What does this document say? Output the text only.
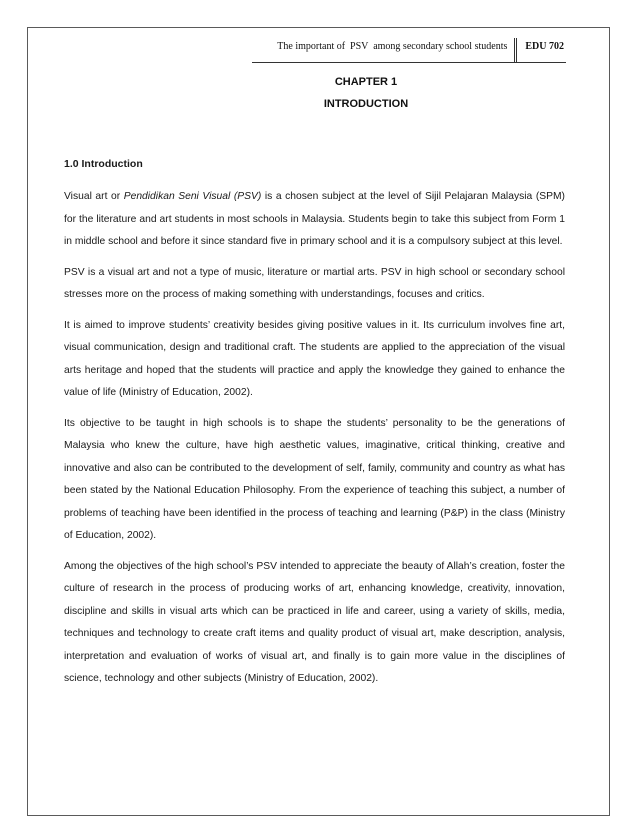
The important of  PSV  among secondary school students	EDU 702
CHAPTER 1
INTRODUCTION

1.0 Introduction

Visual art or Pendidikan Seni Visual (PSV) is a chosen subject at the level of Sijil Pelajaran Malaysia (SPM) for the literature and art students in most schools in Malaysia. Students begin to take this subject from Form 1 in middle school and before it since standard five in primary school and it is a compulsory subject at this level.

PSV is a visual art and not a type of music, literature or martial arts. PSV in high school or secondary school stresses more on the process of making something with understandings, focuses and critics.

It is aimed to improve students’ creativity besides giving positive values in it. Its curriculum involves fine art, visual communication, design and traditional craft. The students are applied to the appreciation of the visual arts heritage and hoped that the students will practice and apply the knowledge they gained to enhance the value of life (Ministry of Education, 2002).

Its objective to be taught in high schools is to shape the students’ personality to be the generations of Malaysia who knew the culture, have high aesthetic values, imaginative, critical thinking, creative and innovative and also can be contributed to the development of self, family, community and country as what has been stated by the National Education Philosophy. From the experience of teaching this subject, a number of problems of teaching have been identified in the process of teaching and learning (P&P) in the class (Ministry of Education, 2002).

Among the objectives of the high school’s PSV intended to appreciate the beauty of Allah’s creation, foster the culture of research in the process of producing works of art, enhancing knowledge, creativity, innovation, discipline and skills in visual arts which can be practiced in life and career, using a variety of skills, media, techniques and technology to create craft items and quality product of visual art, make description, analysis, interpretation and evaluation of works of visual art, and finally is to gain more value in the disciplines of science, technology and other subjects (Ministry of Education, 2002).
